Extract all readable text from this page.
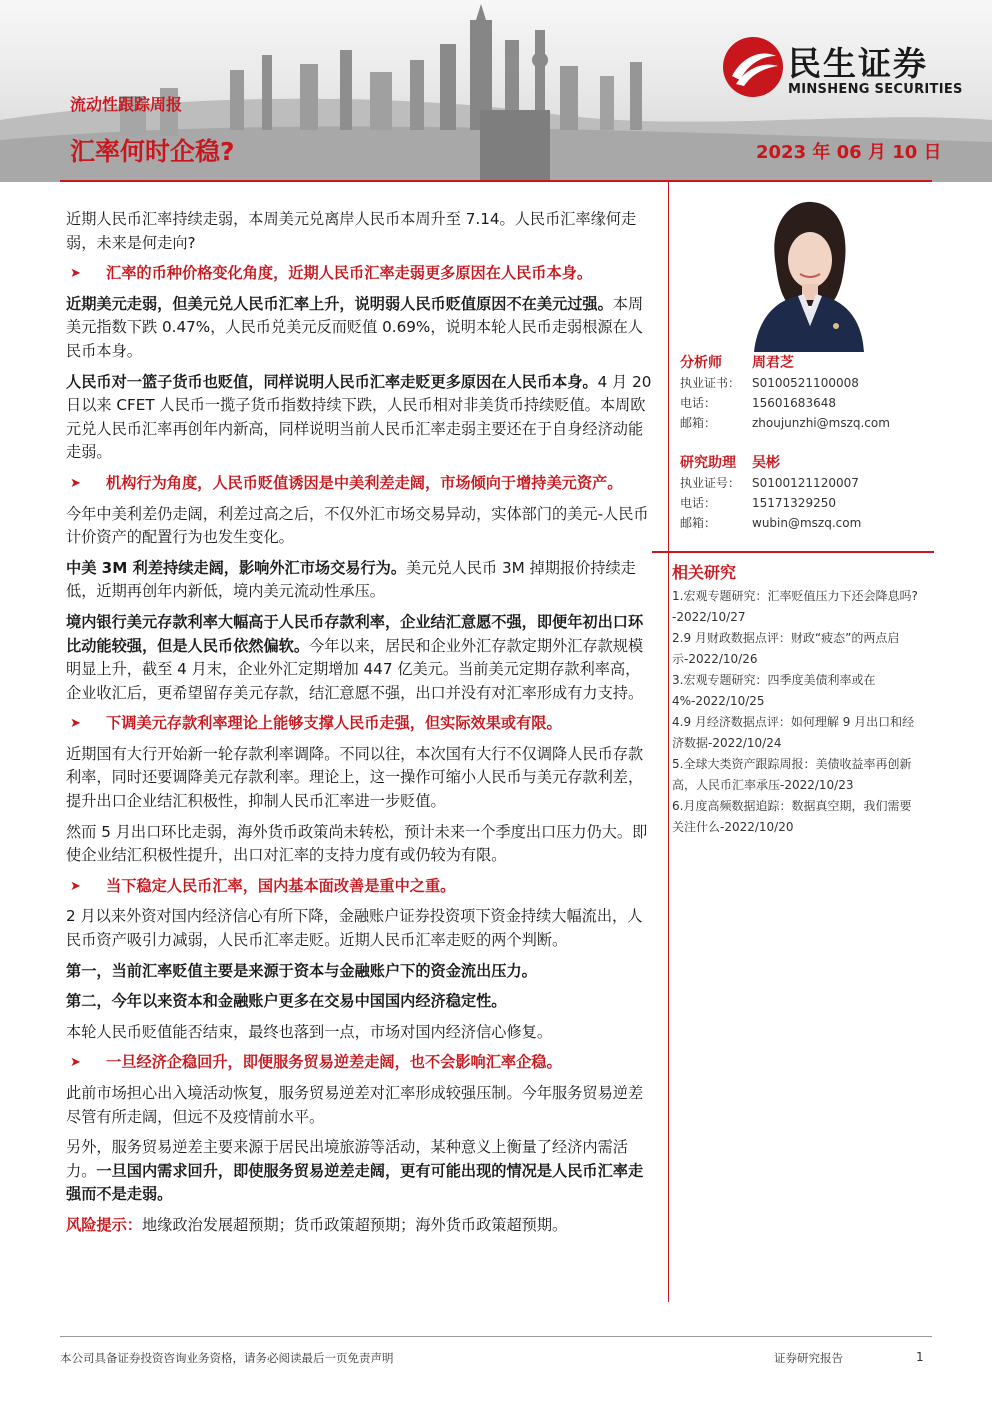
民生证券
MINSHENG SECURITIES
流动性跟踪周报
汇率何时企稳?	2023 年 06 月 10 日

近期人民币汇率持续走弱，本周美元兑离岸人民币本周升至 7.14。人民币汇率缘何走弱，未来是何走向?

➤	汇率的币种价格变化角度，近期人民币汇率走弱更多原因在人民币本身。

近期美元走弱，但美元兑人民币汇率上升，说明弱人民币贬值原因不在美元过强。本周美元指数下跌 0.47%，人民币兑美元反而贬值 0.69%，说明本轮人民币走弱根源在人民币本身。

人民币对一篮子货币也贬值，同样说明人民币汇率走贬更多原因在人民币本身。4 月 20 日以来 CFET 人民币一揽子货币指数持续下跌，人民币相对非美货币持续贬值。本周欧元兑人民币汇率再创年内新高，同样说明当前人民币汇率走弱主要还在于自身经济动能走弱。

➤	机构行为角度，人民币贬值诱因是中美利差走阔，市场倾向于增持美元资产。

今年中美利差仍走阔，利差过高之后，不仅外汇市场交易异动，实体部门的美元-人民币计价资产的配置行为也发生变化。

中美 3M 利差持续走阔，影响外汇市场交易行为。美元兑人民币 3M 掉期报价持续走低，近期再创年内新低，境内美元流动性承压。

境内银行美元存款利率大幅高于人民币存款利率，企业结汇意愿不强，即便年初出口环比动能较强，但是人民币依然偏软。今年以来，居民和企业外汇存款定期外汇存款规模明显上升，截至 4 月末，企业外汇定期增加 447 亿美元。当前美元定期存款利率高，企业收汇后，更希望留存美元存款，结汇意愿不强，出口并没有对汇率形成有力支持。

➤	下调美元存款利率理论上能够支撑人民币走强，但实际效果或有限。

近期国有大行开始新一轮存款利率调降。不同以往，本次国有大行不仅调降人民币存款利率，同时还要调降美元存款利率。理论上，这一操作可缩小人民币与美元存款利差，提升出口企业结汇积极性，抑制人民币汇率进一步贬值。

然而 5 月出口环比走弱，海外货币政策尚未转松，预计未来一个季度出口压力仍大。即使企业结汇积极性提升，出口对汇率的支持力度有或仍较为有限。

➤	当下稳定人民币汇率，国内基本面改善是重中之重。

2 月以来外资对国内经济信心有所下降，金融账户证券投资项下资金持续大幅流出，人民币资产吸引力减弱，人民币汇率走贬。近期人民币汇率走贬的两个判断。

第一，当前汇率贬值主要是来源于资本与金融账户下的资金流出压力。

第二，今年以来资本和金融账户更多在交易中国国内经济稳定性。

本轮人民币贬值能否结束，最终也落到一点，市场对国内经济信心修复。

➤	一旦经济企稳回升，即便服务贸易逆差走阔，也不会影响汇率企稳。

此前市场担心出入境活动恢复，服务贸易逆差对汇率形成较强压制。今年服务贸易逆差尽管有所走阔，但远不及疫情前水平。

另外，服务贸易逆差主要来源于居民出境旅游等活动，某种意义上衡量了经济内需活力。一旦国内需求回升，即使服务贸易逆差走阔，更有可能出现的情况是人民币汇率走强而不是走弱。

风险提示：地缘政治发展超预期；货币政策超预期；海外货币政策超预期。

分析师 周君芝
执业证书： S0100521100008
电话：	15601683648
邮箱：	zhoujunzhi@mszq.com
研究助理 吴彬
执业证号： S0100121120007
电话：	15171329250
邮箱：	wubin@mszq.com
相关研究
1.宏观专题研究：汇率贬值压力下还会降息吗? -2022/10/27
2.9 月财政数据点评：财政“疲态”的两点启示-2022/10/26
3.宏观专题研究：四季度美债利率或在 4%-2022/10/25
4.9 月经济数据点评：如何理解 9 月出口和经济数据-2022/10/24
5.全球大类资产跟踪周报：美债收益率再创新高，人民币汇率承压-2022/10/23
6.月度高频数据追踪：数据真空期，我们需要关注什么-2022/10/20
本公司具备证券投资咨询业务资格，请务必阅读最后一页免责声明	证券研究报告	1
